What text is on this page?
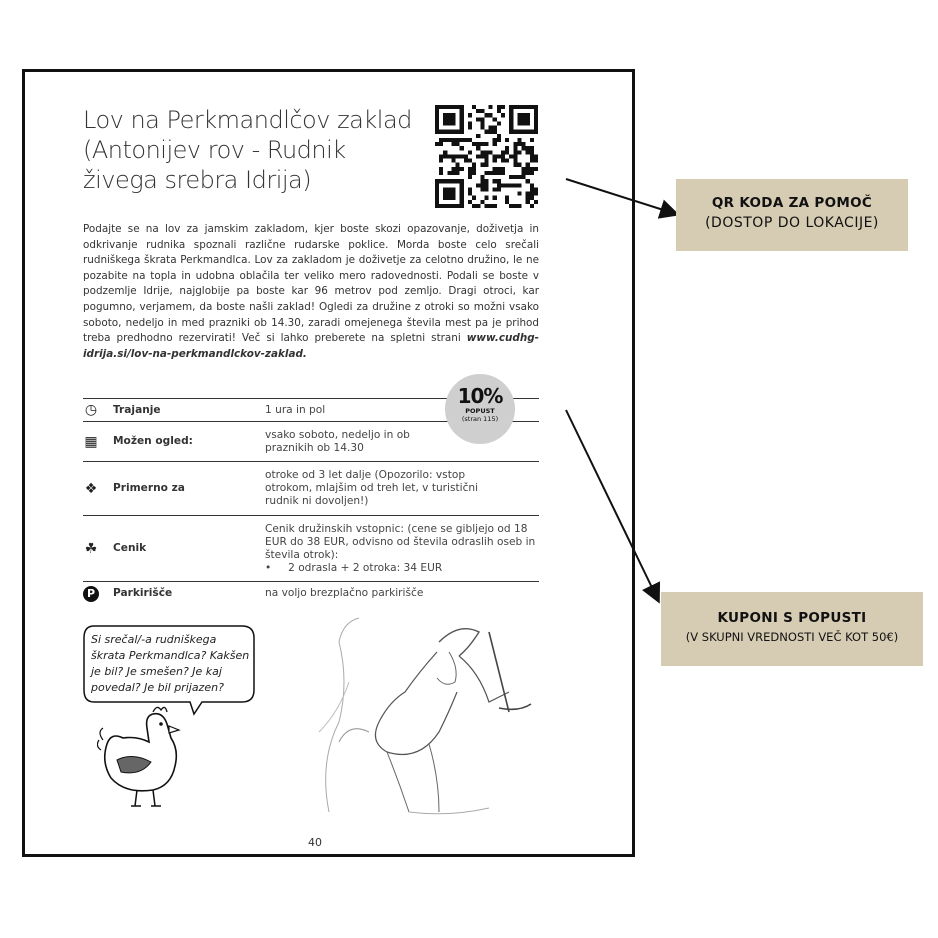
Lov na Perkmandlčov zaklad (Antonijev rov - Rudnik živega srebra Idrija)

Podajte se na lov za jamskim zakladom, kjer boste skozi opazovanje, doživetja in odkrivanje rudnika spoznali različne rudarske poklice. Morda boste celo srečali rudniškega škrata Perkmandlca. Lov za zakladom je doživetje za celotno družino, le ne pozabite na topla in udobna oblačila ter veliko mero radovednosti. Podali se boste v podzemlje Idrije, najglobije pa boste kar 96 metrov pod zemljo. Dragi otroci, kar pogumno, verjamem, da boste našli zaklad! Ogledi za družine z otroki so možni vsako soboto, nedeljo in med prazniki ob 14.30, zaradi omejenega števila mest pa je prihod treba predhodno rezervirati! Več si lahko preberete na spletni strani www.cudhg-idrija.si/lov-na-perkmandlckov-zaklad.

◷	Trajanje	1 ura in pol
▦	Možen ogled:	vsako soboto, nedeljo in ob praznikih ob 14.30
❖	Primerno za	otroke od 3 let dalje (Opozorilo: vstop otrokom, mlajšim od treh let, v turistični rudnik ni dovoljen!)
☘	Cenik	Cenik družinskih vstopnic: (cene se gibljejo od 18 EUR do 38 EUR, odvisno od števila odraslih oseb in števila otrok):
•     2 odrasla + 2 otroka: 34 EUR
P	Parkirišče	na voljo brezplačno parkirišče
10%
POPUST
(stran 115)

Si srečal/-a rudniškega škrata Perkmandlca? Kakšen je bil? Je smešen? Je kaj povedal? Je bil prijazen?

40

QR KODA ZA POMOČ
(DOSTOP DO LOKACIJE)
KUPONI S POPUSTI
(V SKUPNI VREDNOSTI VEČ KOT 50€)
